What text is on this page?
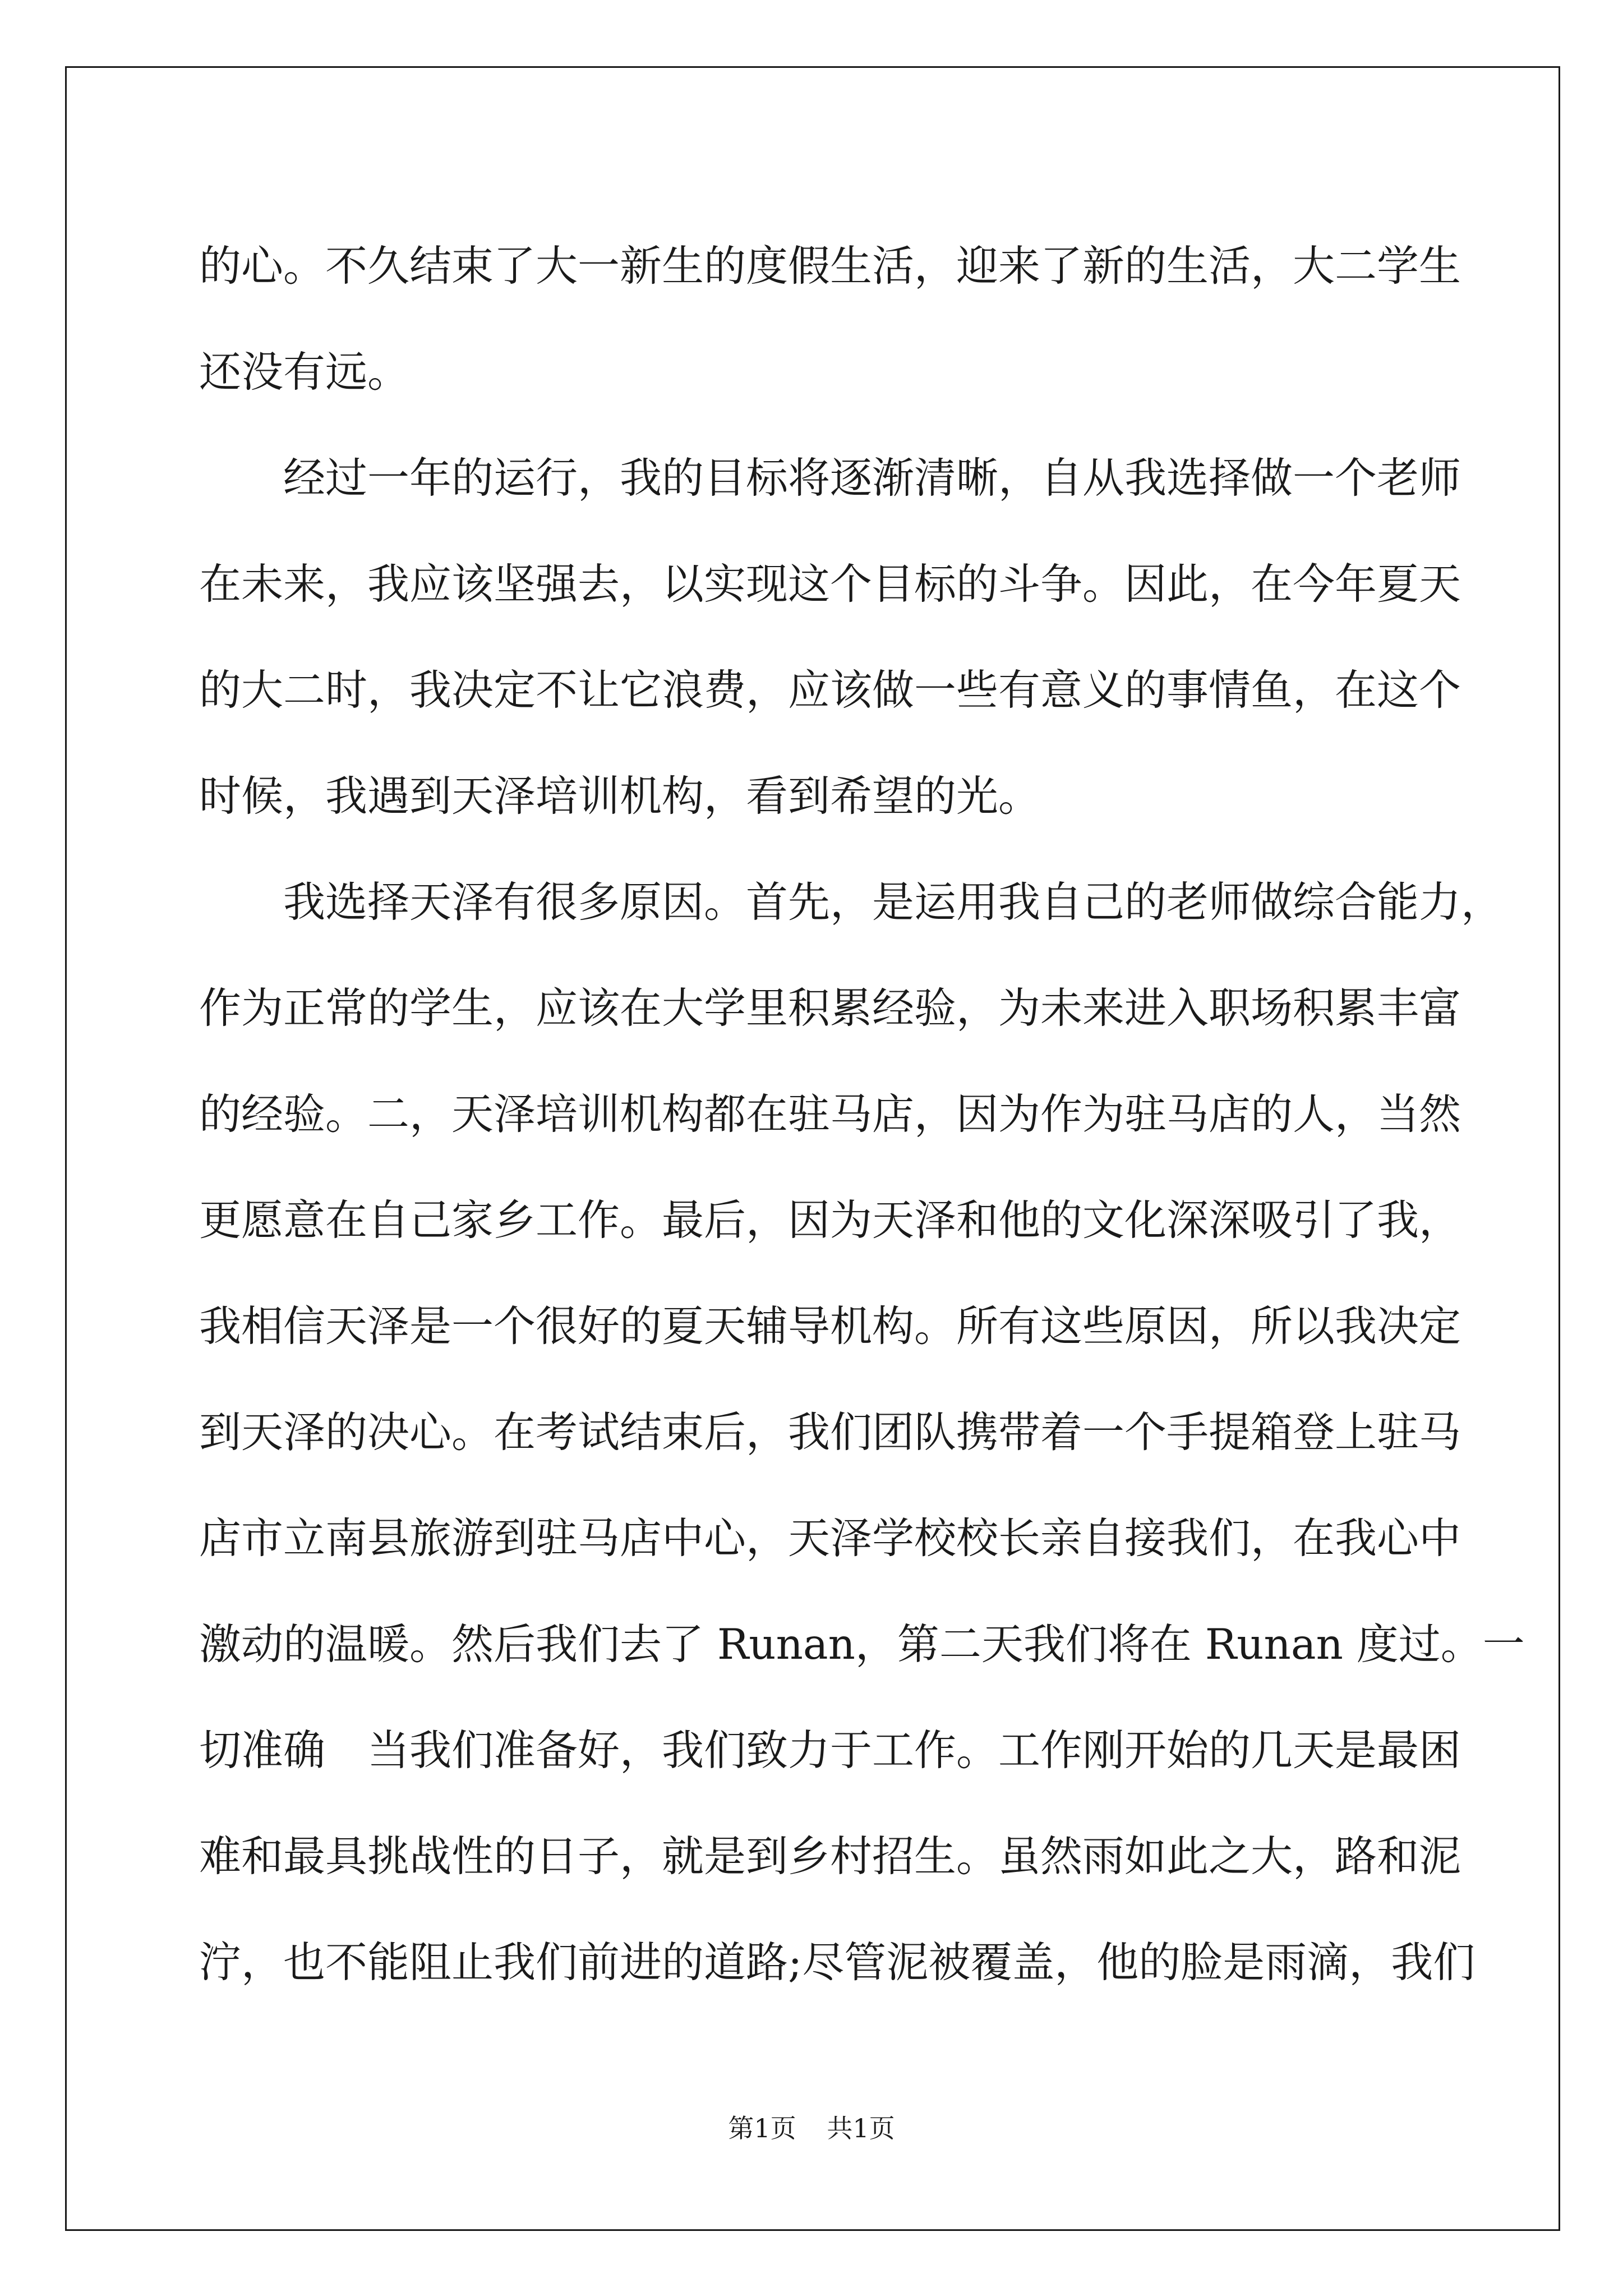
的心。不久结束了大一新生的度假生活，迎来了新的生活，大二学生

还没有远。

经过一年的运行，我的目标将逐渐清晰，自从我选择做一个老师

在未来，我应该坚强去，以实现这个目标的斗争。因此，在今年夏天

的大二时，我决定不让它浪费，应该做一些有意义的事情鱼，在这个

时候，我遇到天泽培训机构，看到希望的光。

我选择天泽有很多原因。首先，是运用我自己的老师做综合能力，

作为正常的学生，应该在大学里积累经验，为未来进入职场积累丰富

的经验。二，天泽培训机构都在驻马店，因为作为驻马店的人，当然

更愿意在自己家乡工作。最后，因为天泽和他的文化深深吸引了我，

我相信天泽是一个很好的夏天辅导机构。所有这些原因，所以我决定

到天泽的决心。在考试结束后，我们团队携带着一个手提箱登上驻马

店市立南县旅游到驻马店中心，天泽学校校长亲自接我们，在我心中

激动的温暖。然后我们去了 Runan，第二天我们将在 Runan 度过。一

切准确　当我们准备好，我们致力于工作。工作刚开始的几天是最困

难和最具挑战性的日子，就是到乡村招生。虽然雨如此之大，路和泥

泞，也不能阻止我们前进的道路;尽管泥被覆盖，他的脸是雨滴，我们

第1页 共1页
